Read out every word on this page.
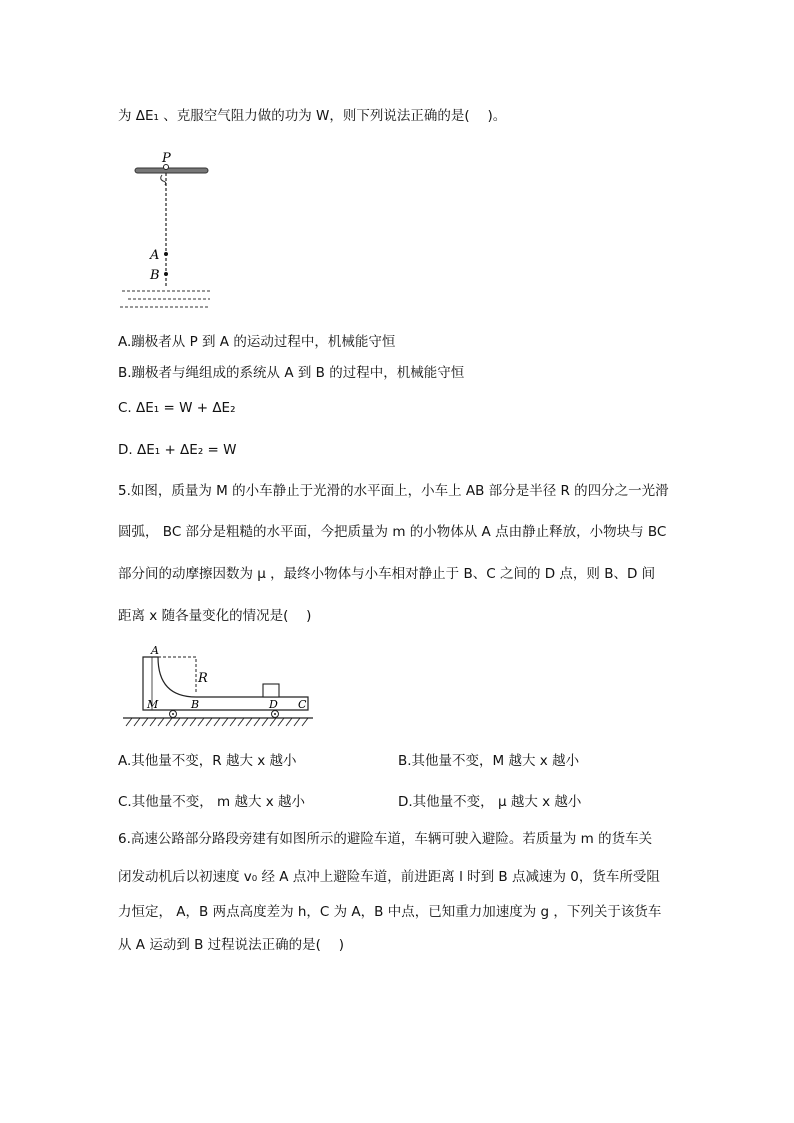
为 ΔE₁ 、克服空气阻力做的功为 W，则下列说法正确的是(　 )。
P
A
B
A.蹦极者从 P 到 A 的运动过程中，机械能守恒
B.蹦极者与绳组成的系统从 A 到 B 的过程中，机械能守恒
C. ΔE₁ = W + ΔE₂
D. ΔE₁ + ΔE₂ = W
5.如图，质量为 M 的小车静止于光滑的水平面上，小车上 AB 部分是半径 R 的四分之一光滑
圆弧， BC 部分是粗糙的水平面，今把质量为 m 的小物体从 A 点由静止释放，小物块与 BC
部分间的动摩擦因数为 μ ，最终小物体与小车相对静止于 B、C 之间的 D 点，则 B、D 间
距离 x 随各量变化的情况是(　 )
A
R
M	B	D C
A.其他量不变，R 越大 x 越小	B.其他量不变，M 越大 x 越小
C.其他量不变， m 越大 x 越小	D.其他量不变， μ 越大 x 越小
6.高速公路部分路段旁建有如图所示的避险车道，车辆可驶入避险。若质量为 m 的货车关
闭发动机后以初速度 v₀ 经 A 点冲上避险车道，前进距离 l 时到 B 点减速为 0，货车所受阻
力恒定， A，B 两点高度差为 h，C 为 A，B 中点，已知重力加速度为 g ，下列关于该货车
从 A 运动到 B 过程说法正确的是(　 )
